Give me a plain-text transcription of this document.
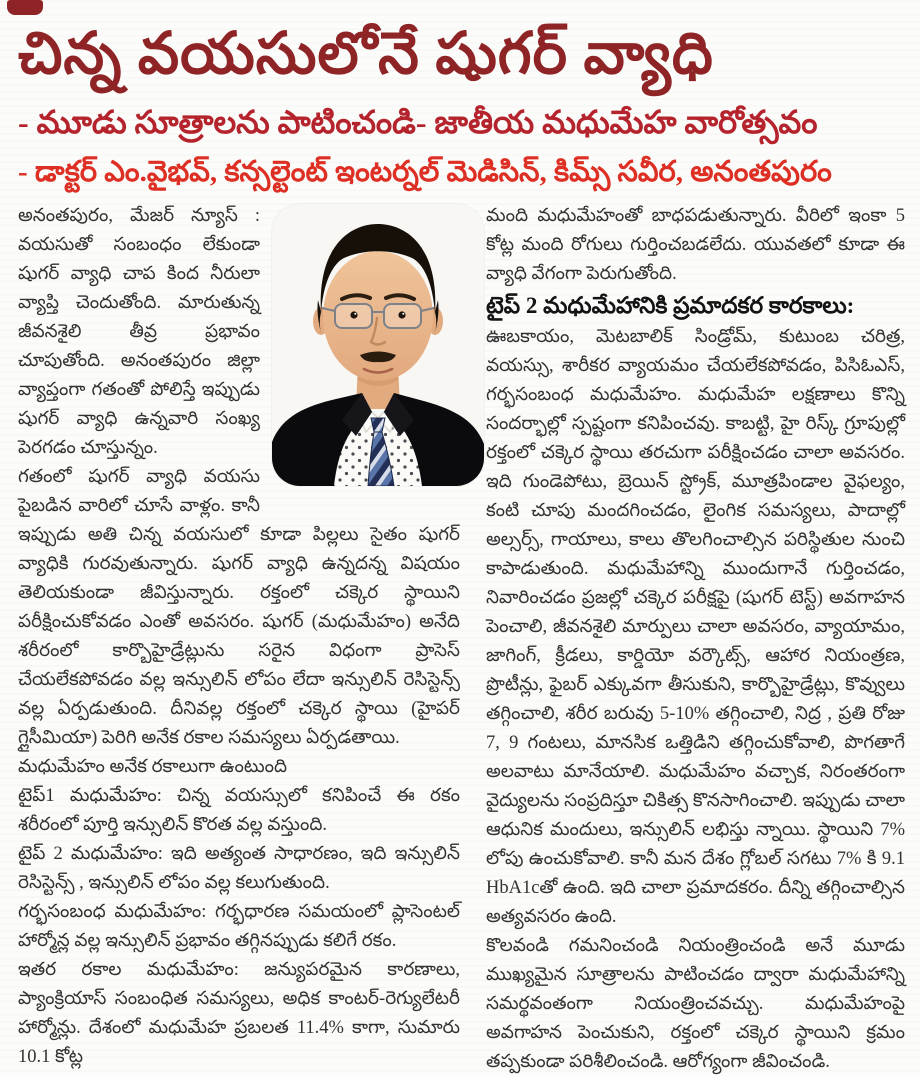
చిన్న వయసులోనే షుగర్ వ్యాధి
- మూడు సూత్రాలను పాటించండి- జాతీయ మధుమేహ వారోత్సవం
- డాక్టర్ ఎం.వైభవ్, కన్సల్టెంట్ ఇంటర్నల్ మెడిసిన్, కిమ్స్ సవీర, అనంతపురం

అనంతపురం, మేజర్ న్యూస్ : వయసుతో సంబంధం లేకుండా షుగర్ వ్యాధి చాప కింద నీరులా వ్యాప్తి చెందుతోంది. మారుతున్న జీవనశైలి తీవ్ర ప్రభావం చూపుతోంది. అనంతపురం జిల్లా వ్యాప్తంగా గతంతో పోలిస్తే ఇప్పుడు షుగర్ వ్యాధి ఉన్నవారి సంఖ్య పెరగడం చూస్తున్నం.

గతంలో షుగర్ వ్యాధి వయసు పైబడిన వారిలో చూసే వాళ్లం. కానీ ఇప్పుడు అతి చిన్న వయసులో కూడా పిల్లలు సైతం షుగర్ వ్యాధికి గురవుతున్నారు. షుగర్ వ్యాధి ఉన్నదన్న విషయం తెలియకుండా జీవిస్తున్నారు. రక్తంలో చక్కెర స్థాయిని పరీక్షించుకోవడం ఎంతో అవసరం. షుగర్ (మధుమేహం) అనేది శరీరంలో కార్బొహైడ్రేట్లును సరైన విధంగా ప్రాసెస్ చేయలేకపోవడం వల్ల ఇన్సులిన్ లోపం లేదా ఇన్సులిన్ రెసిస్టెన్స్ వల్ల ఏర్పడుతుంది. దీనివల్ల రక్తంలో చక్కెర స్థాయి (హైపర్ గ్లైసీమియా) పెరిగి అనేక రకాల సమస్యలు ఏర్పడతాయి.

మధుమేహం అనేక రకాలుగా ఉంటుంది

టైప్1 మధుమేహం: చిన్న వయస్సులో కనిపించే ఈ రకం శరీరంలో పూర్తి ఇన్సులిన్ కొరత వల్ల వస్తుంది.

టైప్ 2 మధుమేహం: ఇది అత్యంత సాధారణం, ఇది ఇన్సులిన్ రెసిస్టెన్స్ , ఇన్సులిన్ లోపం వల్ల కలుగుతుంది.

గర్భసంబంధ మధుమేహం: గర్భధారణ సమయంలో ప్లాసెంటల్ హార్మోన్ల వల్ల ఇన్సులిన్ ప్రభావం తగ్గినప్పుడు కలిగే రకం.

ఇతర రకాల మధుమేహం: జన్యుపరమైన కారణాలు, ప్యాంక్రియాస్ సంబంధిత సమస్యలు, అధిక కాంటర్-రెగ్యులేటరీ హార్మోన్లు. దేశంలో మధుమేహ ప్రబలత 11.4% కాగా, సుమారు 10.1 కోట్ల

మంది మధుమేహంతో బాధపడుతున్నారు. వీరిలో ఇంకా 5 కోట్ల మంది రోగులు గుర్తించబడలేదు. యువతలో కూడా ఈ వ్యాధి వేగంగా పెరుగుతోంది.

టైప్ 2 మధుమేహానికి ప్రమాదకర కారకాలు:

ఊబకాయం, మెటబాలిక్ సిండ్రోమ్, కుటుంబ చరిత్ర, వయస్సు, శారీకర వ్యాయమం చేయలేకపోవడం, పిసిఓఎస్, గర్భసంబంధ మధుమేహం. మధుమేహ లక్షణాలు కొన్ని సందర్భాల్లో స్పష్టంగా కనిపించవు. కాబట్టి, హై రిస్క్ గ్రూపుల్లో రక్తంలో చక్కెర స్థాయి తరచుగా పరీక్షించడం చాలా అవసరం. ఇది గుండెపోటు, బ్రెయిన్ స్ట్రోక్, మూత్రపిండాల వైఫల్యం, కంటి చూపు మందగించడం, లైంగిక సమస్యలు, పాదాల్లో అల్సర్స్, గాయాలు, కాలు తొలగించాల్సిన పరిస్థితుల నుంచి కాపాడుతుంది. మధుమేహాన్ని ముందుగానే గుర్తించడం, నివారించడం ప్రజల్లో చక్కెర పరీక్షపై (షుగర్ టెస్ట్) అవగాహన పెంచాలి, జీవనశైలి మార్పులు చాలా అవసరం, వ్యాయామం, జాగింగ్, క్రీడలు, కార్డియో వర్కౌట్స్, ఆహార నియంత్రణ, ప్రొటీన్లు, ఫైబర్ ఎక్కువగా తీసుకుని, కార్బొహైడ్రేట్లు, కొవ్వులు తగ్గించాలి, శరీర బరువు 5-10% తగ్గించాలి, నిద్ర , ప్రతి రోజు 7, 9 గంటలు, మానసిక ఒత్తిడిని తగ్గించుకోవాలి, పొగతాగే అలవాటు మానేయాలి. మధుమేహం వచ్చాక, నిరంతరంగా వైద్యులను సంప్రదిస్తూ చికిత్స కొనసాగించాలి. ఇప్పుడు చాలా ఆధునిక మందులు, ఇన్సులిన్ లభిస్తు న్నాయి. స్థాయిని 7% లోపు ఉంచుకోవాలి. కానీ మన దేశం గ్లోబల్ సగటు 7% కి 9.1 HbA1cతో ఉంది. ఇది చాలా ప్రమాదకరం. దీన్ని తగ్గించాల్సిన అత్యవసరం ఉంది.

కొలవండి గమనించండి నియంత్రించండి అనే మూడు ముఖ్యమైన సూత్రాలను పాటించడం ద్వారా మధుమేహాన్ని సమర్థవంతంగా నియంత్రించవచ్చు. మధుమేహంపై అవగాహన పెంచుకుని, రక్తంలో చక్కెర స్థాయిని క్రమం తప్పకుండా పరిశీలించండి. ఆరోగ్యంగా జీవించండి.
